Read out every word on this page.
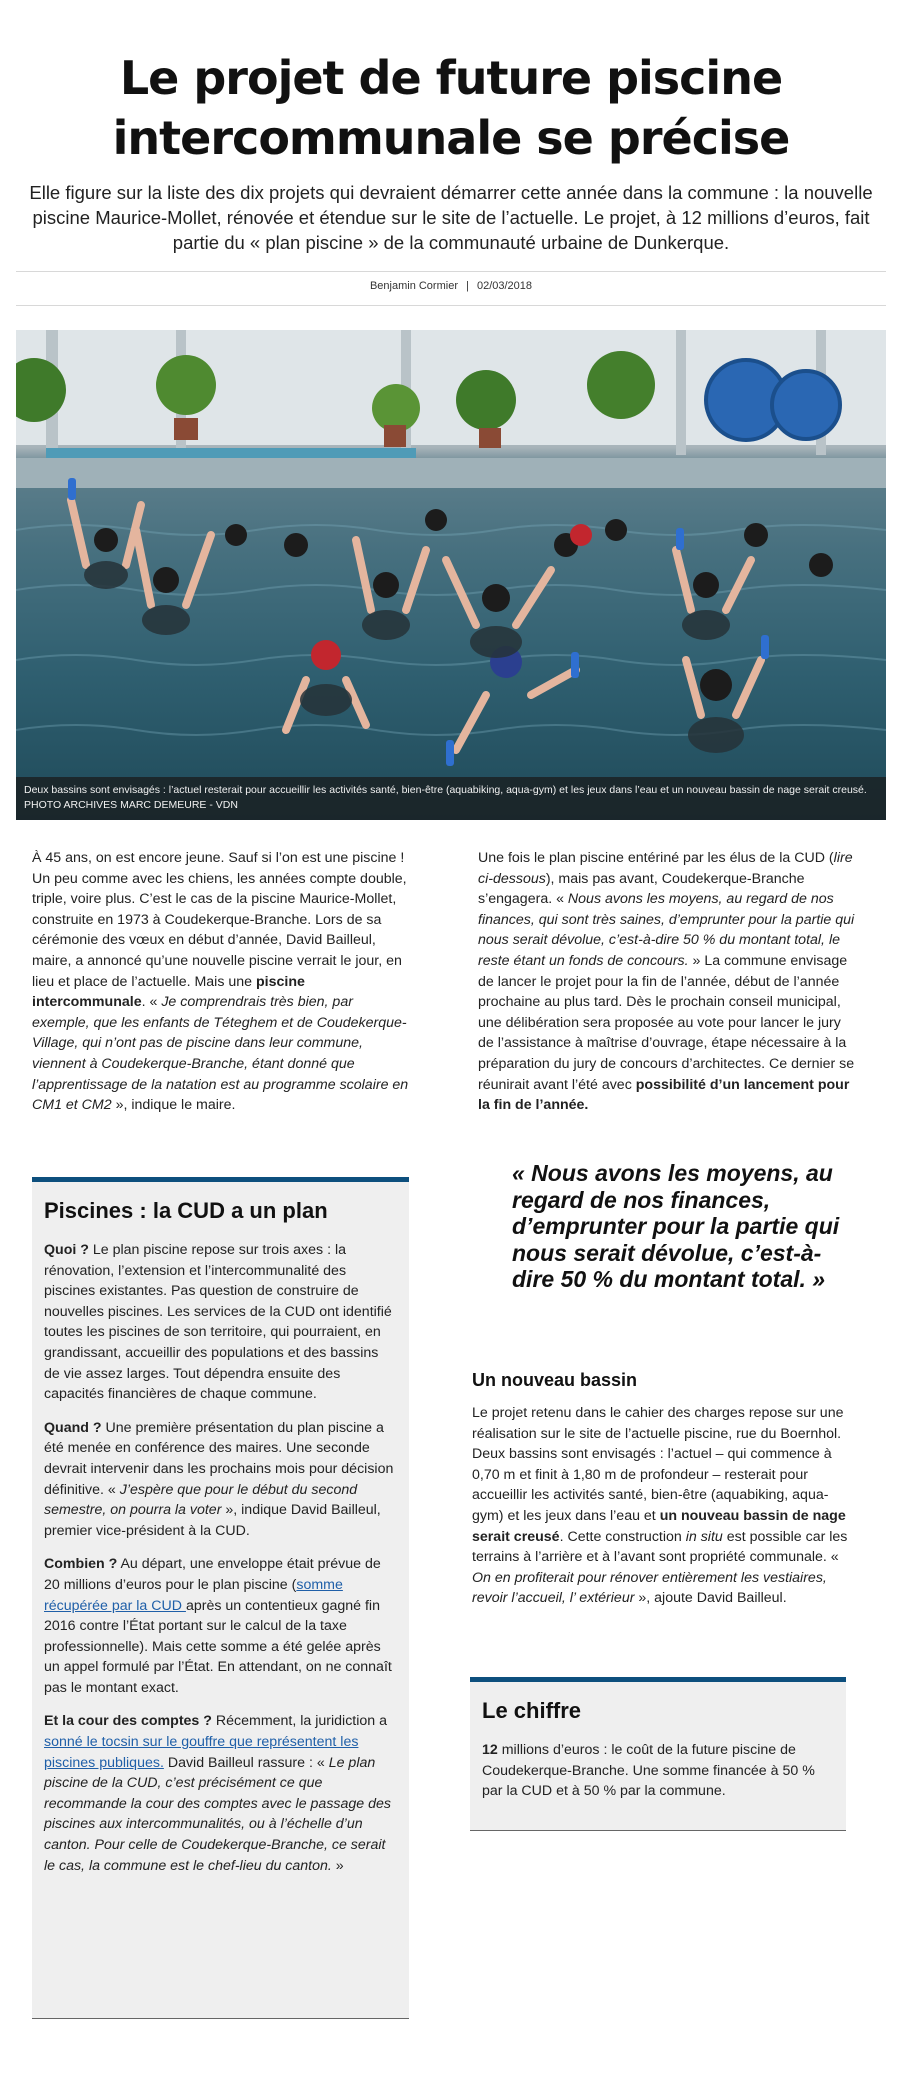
Le projet de future piscine
intercommunale se précise

Elle figure sur la liste des dix projets qui devraient démarrer cette année dans la commune : la nouvelle piscine Maurice-Mollet, rénovée et étendue sur le site de l’actuelle. Le projet, à 12 millions d’euros, fait partie du « plan piscine » de la communauté urbaine de Dunkerque.

Benjamin Cormier | 02/03/2018
Deux bassins sont envisagés : l’actuel resterait pour accueillir les activités santé, bien-être (aquabiking, aqua-gym) et les jeux dans l’eau et un nouveau bassin de nage serait creusé. PHOTO ARCHIVES MARC DEMEURE - VDN

À 45 ans, on est encore jeune. Sauf si l’on est une piscine ! Un peu comme avec les chiens, les années compte double, triple, voire plus. C’est le cas de la piscine Maurice-Mollet, construite en 1973 à Coudekerque-Branche. Lors de sa cérémonie des vœux en début d’année, David Bailleul, maire, a annoncé qu’une nouvelle piscine verrait le jour, en lieu et place de l’actuelle. Mais une piscine intercommunale. « Je comprendrais très bien, par exemple, que les enfants de Téteghem et de Coudekerque-Village, qui n’ont pas de piscine dans leur commune, viennent à Coudekerque-Branche, étant donné que l’apprentissage de la natation est au programme scolaire en CM1 et CM2 », indique le maire.

Une fois le plan piscine entériné par les élus de la CUD (lire ci-dessous), mais pas avant, Coudekerque-Branche s’engagera. « Nous avons les moyens, au regard de nos finances, qui sont très saines, d’emprunter pour la partie qui nous serait dévolue, c’est-à-dire 50 % du montant total, le reste étant un fonds de concours. » La commune envisage de lancer le projet pour la fin de l’année, début de l’année prochaine au plus tard. Dès le prochain conseil municipal, une délibération sera proposée au vote pour lancer le jury de l’assistance à maîtrise d’ouvrage, étape nécessaire à la préparation du jury de concours d’architectes. Ce dernier se réunirait avant l’été avec possibilité d’un lancement pour la fin de l’année.

« Nous avons les moyens, au regard de nos finances, d’emprunter pour la partie qui nous serait dévolue, c’est-à-dire 50 % du montant total. »
Un nouveau bassin

Le projet retenu dans le cahier des charges repose sur une réalisation sur le site de l’actuelle piscine, rue du Boernhol. Deux bassins sont envisagés : l’actuel – qui commence à 0,70 m et finit à 1,80 m de profondeur – resterait pour accueillir les activités santé, bien-être (aquabiking, aqua-gym) et les jeux dans l’eau et un nouveau bassin de nage serait creusé. Cette construction in situ est possible car les terrains à l’arrière et à l’avant sont propriété communale. « On en profiterait pour rénover entièrement les vestiaires, revoir l’accueil, l’ extérieur », ajoute David Bailleul.

Piscines : la CUD a un plan

Quoi ? Le plan piscine repose sur trois axes : la rénovation, l’extension et l’intercommunalité des piscines existantes. Pas question de construire de nouvelles piscines. Les services de la CUD ont identifié toutes les piscines de son territoire, qui pourraient, en grandissant, accueillir des populations et des bassins de vie assez larges. Tout dépendra ensuite des capacités financières de chaque commune.

Quand ? Une première présentation du plan piscine a été menée en conférence des maires. Une seconde devrait intervenir dans les prochains mois pour décision définitive. « J’espère que pour le début du second semestre, on pourra la voter », indique David Bailleul, premier vice-président à la CUD.

Combien ? Au départ, une enveloppe était prévue de 20 millions d’euros pour le plan piscine (somme récupérée par la CUD après un contentieux gagné fin 2016 contre l’État portant sur le calcul de la taxe professionnelle). Mais cette somme a été gelée après un appel formulé par l’État. En attendant, on ne connaît pas le montant exact.

Et la cour des comptes ? Récemment, la juridiction a sonné le tocsin sur le gouffre que représentent les piscines publiques. David Bailleul rassure : « Le plan piscine de la CUD, c’est précisément ce que recommande la cour des comptes avec le passage des piscines aux intercommunalités, ou à l’échelle d’un canton. Pour celle de Coudekerque-Branche, ce serait le cas, la commune est le chef-lieu du canton. »

Le chiffre

12 millions d’euros : le coût de la future piscine de Coudekerque-Branche. Une somme financée à 50 % par la CUD et à 50 % par la commune.
